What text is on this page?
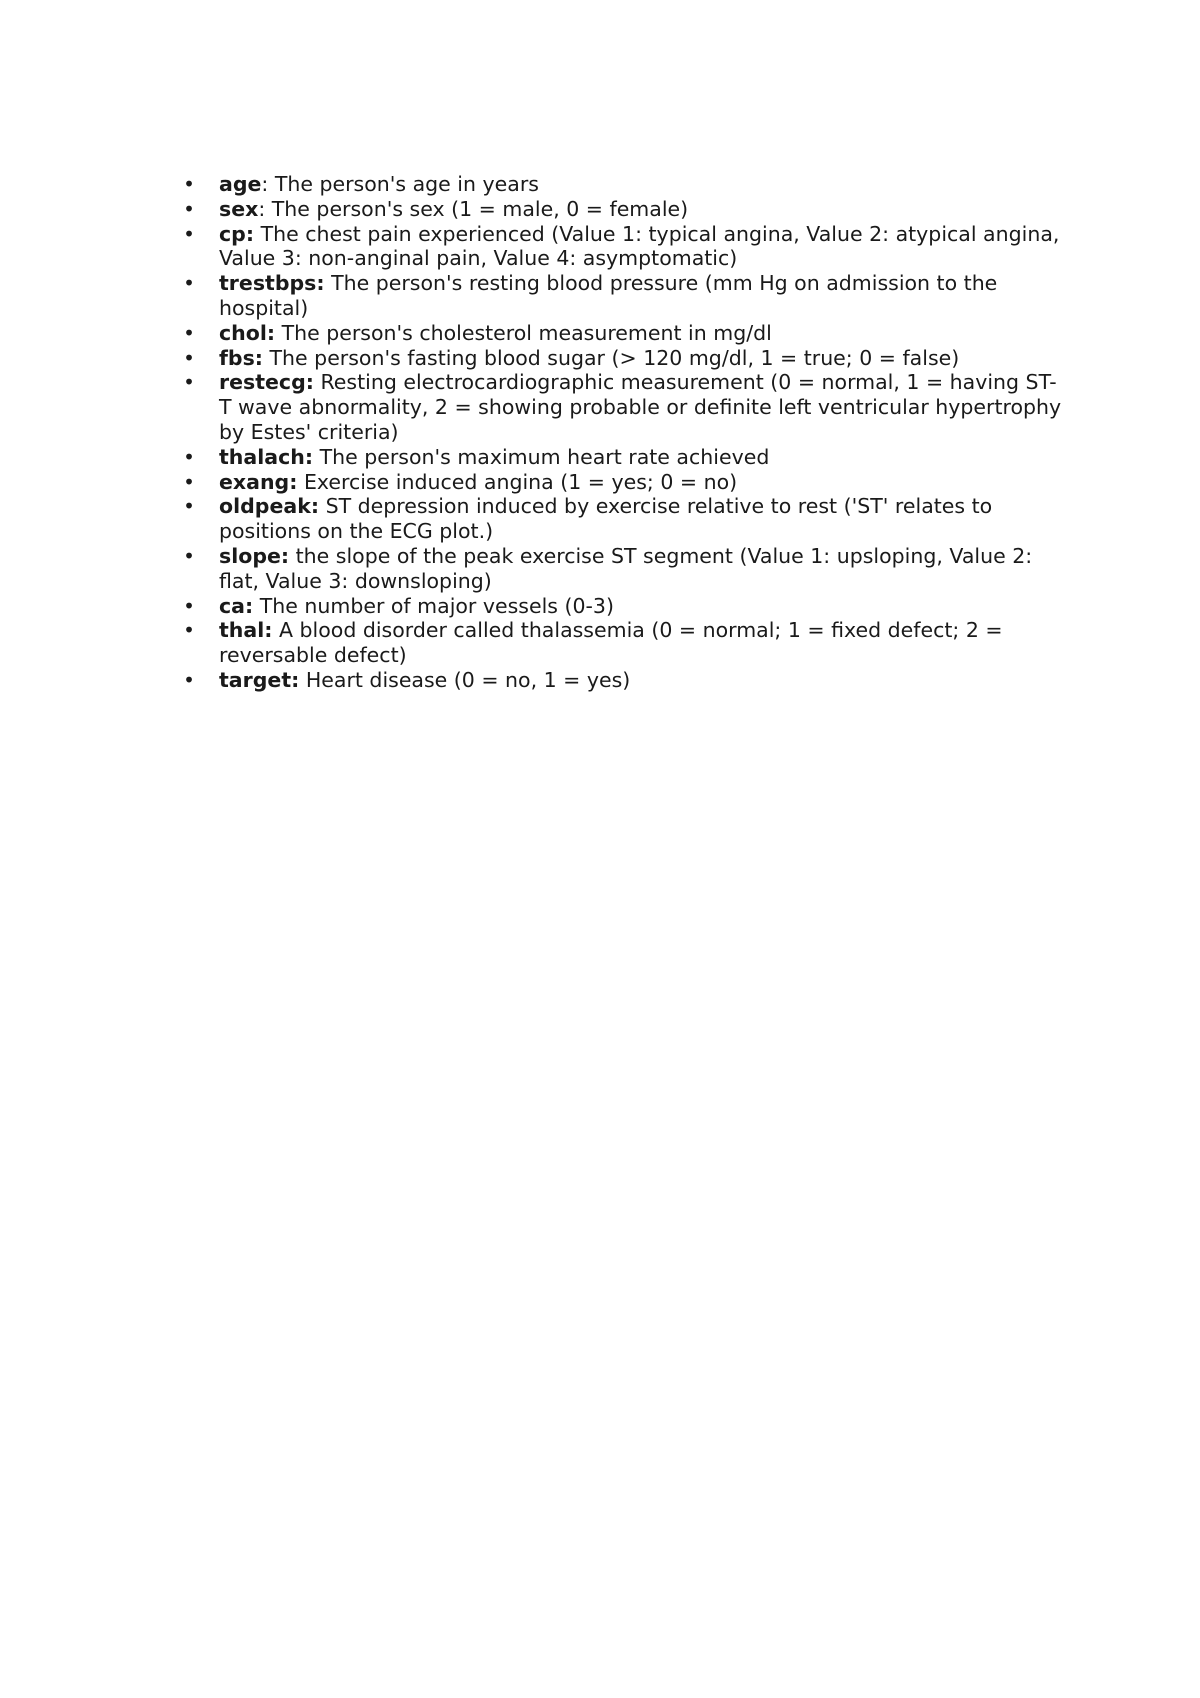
• age: The person's age in years
• sex: The person's sex (1 = male, 0 = female)
• cp: The chest pain experienced (Value 1: typical angina, Value 2: atypical angina, Value 3: non-anginal pain, Value 4: asymptomatic)
• trestbps: The person's resting blood pressure (mm Hg on admission to the hospital)
• chol: The person's cholesterol measurement in mg/dl
• fbs: The person's fasting blood sugar (> 120 mg/dl, 1 = true; 0 = false)
• restecg: Resting electrocardiographic measurement (0 = normal, 1 = having ST-T wave abnormality, 2 = showing probable or definite left ventricular hypertrophy by Estes' criteria)
• thalach: The person's maximum heart rate achieved
• exang: Exercise induced angina (1 = yes; 0 = no)
• oldpeak: ST depression induced by exercise relative to rest ('ST' relates to positions on the ECG plot.)
• slope: the slope of the peak exercise ST segment (Value 1: upsloping, Value 2: flat, Value 3: downsloping)
• ca: The number of major vessels (0-3)
• thal: A blood disorder called thalassemia (0 = normal; 1 = fixed defect; 2 = reversable defect)
• target: Heart disease (0 = no, 1 = yes)
